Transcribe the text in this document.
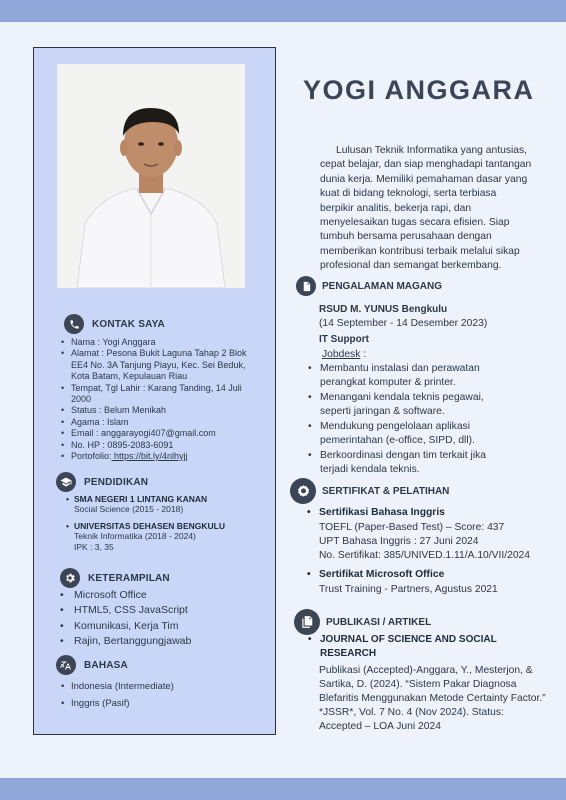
KONTAK SAYA
• Nama : Yogi Anggara
• Alamat : Pesona Bukit Laguna Tahap 2 Blok EE4 No. 3A Tanjung Piayu, Kec. Sei Beduk, Kota Batam, Kepulauan Riau
• Tempat, Tgl Lahir : Karang Tanding, 14 Juli 2000
• Status : Belum Menikah
• Agama : Islam
• Email : anggarayogi407@gmail.com
• No. HP : 0895-2083-6091
• Portofolio: https://bit.ly/4nlhyjj
PENDIDIKAN
• SMA NEGERI 1 LINTANG KANAN
Social Science (2015 - 2018)
• UNIVERSITAS DEHASEN BENGKULU
Teknik Informatika (2018 - 2024)
IPK : 3, 35
KETERAMPILAN
• Microsoft Office
• HTML5, CSS JavaScript
• Komunikasi, Kerja Tim
• Rajin, Bertanggungjawab
BAHASA
• Indonesia (Intermediate)
• Inggris (Pasif)
YOGI ANGGARA
Lulusan Teknik Informatika yang antusias, cepat belajar, dan siap menghadapi tantangan dunia kerja. Memiliki pemahaman dasar yang kuat di bidang teknologi, serta terbiasa berpikir analitis, bekerja rapi, dan menyelesaikan tugas secara efisien. Siap tumbuh bersama perusahaan dengan memberikan kontribusi terbaik melalui sikap profesional dan semangat berkembang.
PENGALAMAN MAGANG
RSUD M. YUNUS Bengkulu
(14 September - 14 Desember 2023)
IT Support
Jobdesk :
• Membantu instalasi dan perawatan perangkat komputer & printer.
• Menangani kendala teknis pegawai, seperti jaringan & software.
• Mendukung pengelolaan aplikasi pemerintahan (e-office, SIPD, dll).
• Berkoordinasi dengan tim terkait jika terjadi kendala teknis.
SERTIFIKAT & PELATIHAN
• Sertifikasi Bahasa Inggris
TOEFL (Paper-Based Test) – Score: 437
UPT Bahasa Inggris : 27 Juni 2024
No. Sertifikat: 385/UNIVED.1.11/A.10/VII/2024
• Sertifikat Microsoft Office
Trust Training - Partners, Agustus 2021
PUBLIKASI / ARTIKEL
• JOURNAL OF SCIENCE AND SOCIAL RESEARCH
Publikasi (Accepted)-Anggara, Y., Mesterjon, & Sartika, D. (2024). “Sistem Pakar Diagnosa Blefaritis Menggunakan Metode Certainty Factor.” *JSSR*, Vol. 7 No. 4 (Nov 2024). Status: Accepted – LOA Juni 2024
